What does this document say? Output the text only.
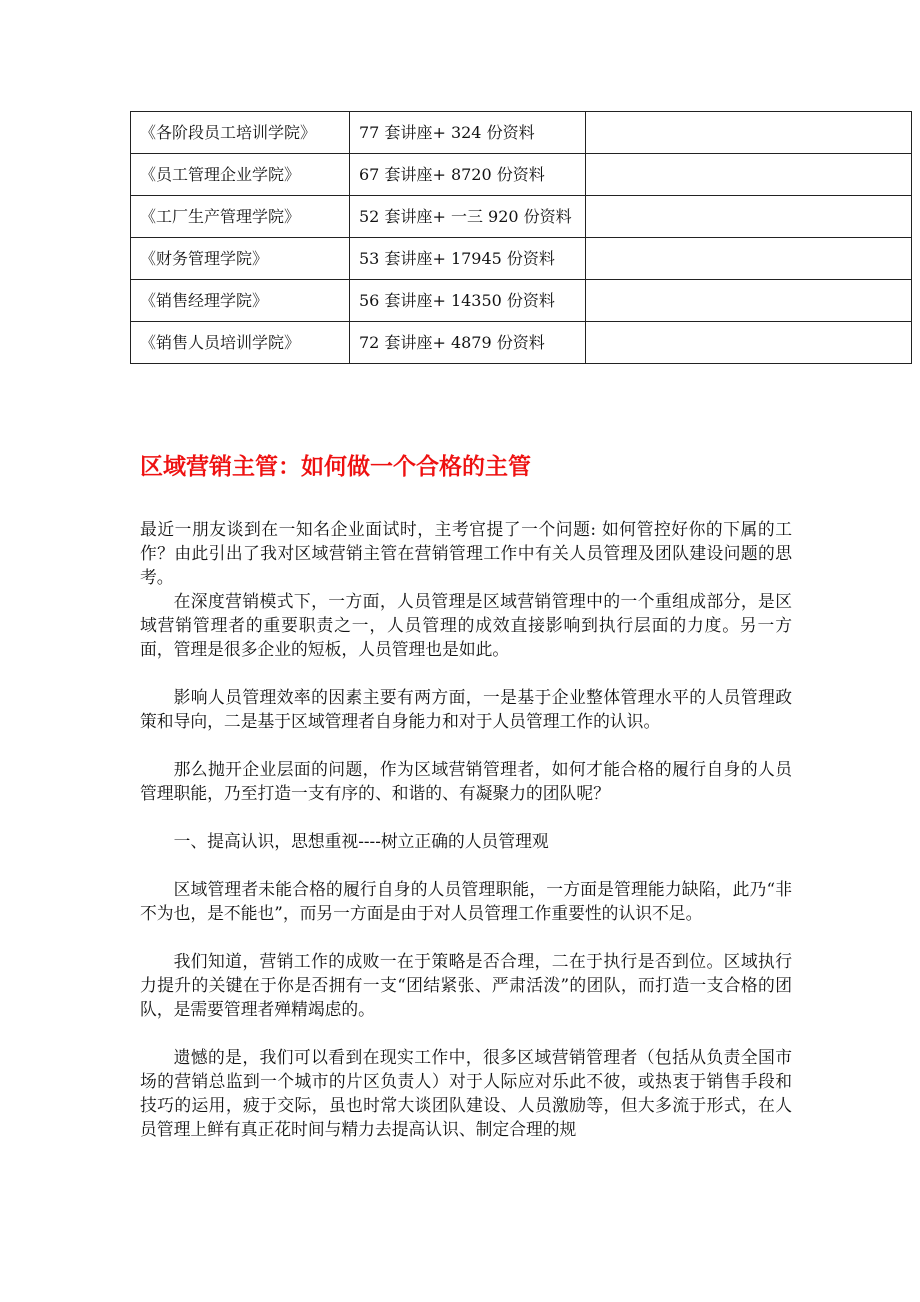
《各阶段员工培训学院》	77 套讲座+ 324 份资料	
《员工管理企业学院》	67 套讲座+ 8720 份资料	
《工厂生产管理学院》	52 套讲座+ 一三 920 份资料	
《财务管理学院》	53 套讲座+ 17945 份资料	
《销售经理学院》	56 套讲座+ 14350 份资料	
《销售人员培训学院》	72 套讲座+ 4879 份资料	
区域营销主管：如何做一个合格的主管

最近一朋友谈到在一知名企业面试时，主考官提了一个问题: 如何管控好你的下属的工作？由此引出了我对区域营销主管在营销管理工作中有关人员管理及团队建设问题的思考。

在深度营销模式下，一方面，人员管理是区域营销管理中的一个重组成部分，是区域营销管理者的重要职责之一，人员管理的成效直接影响到执行层面的力度。另一方面，管理是很多企业的短板，人员管理也是如此。

影响人员管理效率的因素主要有两方面，一是基于企业整体管理水平的人员管理政策和导向，二是基于区域管理者自身能力和对于人员管理工作的认识。

那么抛开企业层面的问题，作为区域营销管理者，如何才能合格的履行自身的人员管理职能，乃至打造一支有序的、和谐的、有凝聚力的团队呢？

一、提高认识，思想重视----树立正确的人员管理观

区域管理者未能合格的履行自身的人员管理职能，一方面是管理能力缺陷，此乃“非不为也，是不能也”，而另一方面是由于对人员管理工作重要性的认识不足。

我们知道，营销工作的成败一在于策略是否合理，二在于执行是否到位。区域执行力提升的关键在于你是否拥有一支“团结紧张、严肃活泼”的团队，而打造一支合格的团队，是需要管理者殚精竭虑的。

遗憾的是，我们可以看到在现实工作中，很多区域营销管理者（包括从负责全国市场的营销总监到一个城市的片区负责人）对于人际应对乐此不彼，或热衷于销售手段和技巧的运用，疲于交际，虽也时常大谈团队建设、人员激励等，但大多流于形式，在人员管理上鲜有真正花时间与精力去提高认识、制定合理的规
